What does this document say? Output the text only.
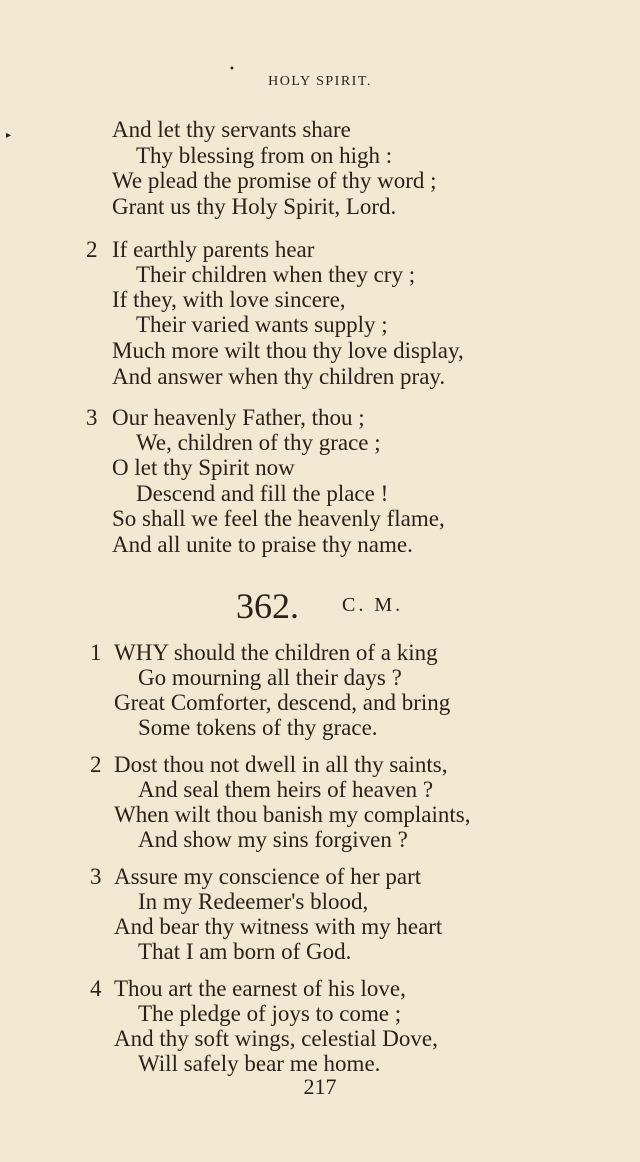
•
▸
HOLY SPIRIT.
And let thy servants share
Thy blessing from on high :
We plead the promise of thy word ;
Grant us thy Holy Spirit, Lord.
2 If earthly parents hear
Their children when they cry ;
If they, with love sincere,
Their varied wants supply ;
Much more wilt thou thy love display,
And answer when thy children pray.
3 Our heavenly Father, thou ;
We, children of thy grace ;
O let thy Spirit now
Descend and fill the place !
So shall we feel the heavenly flame,
And all unite to praise thy name.
362. C. M.
1 WHY should the children of a king
Go mourning all their days ?
Great Comforter, descend, and bring
Some tokens of thy grace.
2 Dost thou not dwell in all thy saints,
And seal them heirs of heaven ?
When wilt thou banish my complaints,
And show my sins forgiven ?
3 Assure my conscience of her part
In my Redeemer's blood,
And bear thy witness with my heart
That I am born of God.
4 Thou art the earnest of his love,
The pledge of joys to come ;
And thy soft wings, celestial Dove,
Will safely bear me home.
217
